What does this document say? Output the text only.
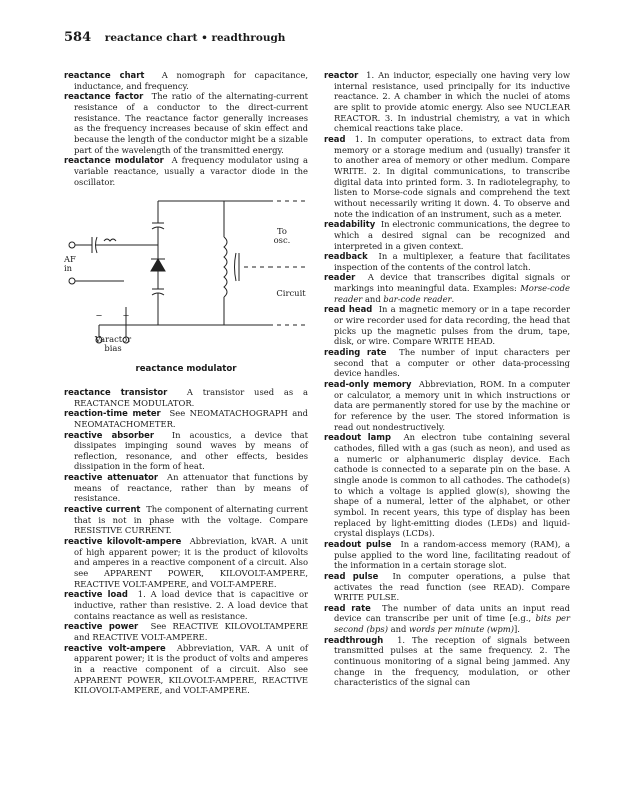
584 reactance chart • readthrough

reactance chart A nomograph for capacitance, inductance, and frequency.

reactance factor The ratio of the alternating-current resistance of a conductor to the direct-current resistance. The reactance factor generally increases as the frequency increases because of skin effect and because the length of the conductor might be a sizable part of the wavelength of the transmitted energy.

reactance modulator A frequency modulator using a variable reactance, usually a varactor diode in the oscillator.

To
osc.
AF
in
Circuit
−	+
Varactor
bias
reactance modulator

reactance transistor A transistor used as a REACTANCE MODULATOR.

reaction-time meter See NEOMATACHOGRAPH and NEOMATACHOMETER.

reactive absorber In acoustics, a device that dissipates impinging sound waves by means of reflection, resonance, and other effects, besides dissipation in the form of heat.

reactive attenuator An attenuator that functions by means of reactance, rather than by means of resistance.

reactive current The component of alternating current that is not in phase with the voltage. Compare RESISTIVE CURRENT.

reactive kilovolt-ampere Abbreviation, kVAR. A unit of high apparent power; it is the product of kilovolts and amperes in a reactive component of a circuit. Also see APPARENT POWER, KILOVOLT-AMPERE, REACTIVE VOLT-AMPERE, and VOLT-AMPERE.

reactive load 1. A load device that is capacitive or inductive, rather than resistive. 2. A load device that contains reactance as well as resistance.

reactive power See REACTIVE KILOVOLTAMPERE and REACTIVE VOLT-AMPERE.

reactive volt-ampere Abbreviation, VAR. A unit of apparent power; it is the product of volts and amperes in a reactive component of a circuit. Also see APPARENT POWER, KILOVOLT-AMPERE, REACTIVE KILOVOLT-AMPERE, and VOLT-AMPERE.

reactor 1. An inductor, especially one having very low internal resistance, used principally for its inductive reactance. 2. A chamber in which the nuclei of atoms are split to provide atomic energy. Also see NUCLEAR REACTOR. 3. In industrial chemistry, a vat in which chemical reactions take place.

read 1. In computer operations, to extract data from memory or a storage medium and (usually) transfer it to another area of memory or other medium. Compare WRITE. 2. In digital communications, to transcribe digital data into printed form. 3. In radiotelegraphy, to listen to Morse-code signals and comprehend the text without necessarily writing it down. 4. To observe and note the indication of an instrument, such as a meter.

readability In electronic communications, the degree to which a desired signal can be recognized and interpreted in a given context.

readback In a multiplexer, a feature that facilitates inspection of the contents of the control latch.

reader A device that transcribes digital signals or markings into meaningful data. Examples: Morse-code reader and bar-code reader.

read head In a magnetic memory or in a tape recorder or wire recorder used for data recording, the head that picks up the magnetic pulses from the drum, tape, disk, or wire. Compare WRITE HEAD.

reading rate The number of input characters per second that a computer or other data-processing device handles.

read-only memory Abbreviation, ROM. In a computer or calculator, a memory unit in which instructions or data are permanently stored for use by the machine or for reference by the user. The stored information is read out nondestructively.

readout lamp An electron tube containing several cathodes, filled with a gas (such as neon), and used as a numeric or alphanumeric display device. Each cathode is connected to a separate pin on the base. A single anode is common to all cathodes. The cathode(s) to which a voltage is applied glow(s), showing the shape of a numeral, letter of the alphabet, or other symbol. In recent years, this type of display has been replaced by light-emitting diodes (LEDs) and liquid-crystal displays (LCDs).

readout pulse In a random-access memory (RAM), a pulse applied to the word line, facilitating readout of the information in a certain storage slot.

read pulse In computer operations, a pulse that activates the read function (see READ). Compare WRITE PULSE.

read rate The number of data units an input read device can transcribe per unit of time [e.g., bits per second (bps) and words per minute (wpm)].

readthrough 1. The reception of signals between transmitted pulses at the same frequency. 2. The continuous monitoring of a signal being jammed. Any change in the frequency, modulation, or other characteristics of the signal can
